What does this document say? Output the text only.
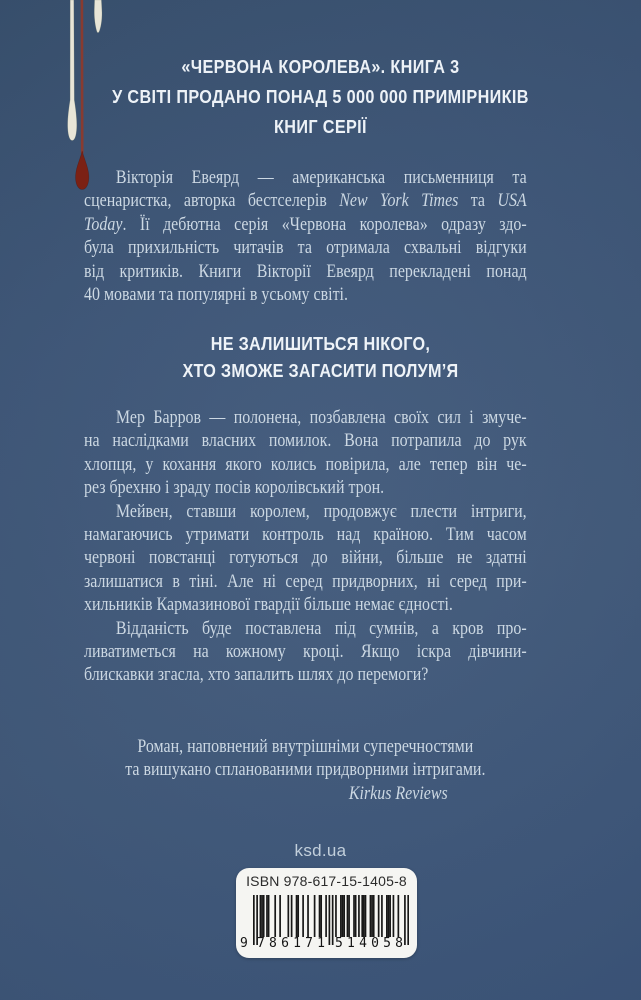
«ЧЕРВОНА КОРОЛЕВА». КНИГА 3
У СВІТІ ПРОДАНО ПОНАД 5 000 000 ПРИМІРНИКІВ
КНИГ СЕРІЇ
Вікторія Евеярд — американська письменниця та
сценаристка, авторка бестселерів New York Times та USA
Today. Її дебютна серія «Червона королева» одразу здо-
була прихильність читачів та отримала схвальні відгуки
від критиків. Книги Вікторії Евеярд перекладені понад
40 мовами та популярні в усьому світі.
Мер Барров — полонена, позбавлена своїх сил і змуче-
на наслідками власних помилок. Вона потрапила до рук
хлопця, у кохання якого колись повірила, але тепер він че-
рез брехню і зраду посів королівський трон.
Мейвен, ставши королем, продовжує плести інтриги,
намагаючись утримати контроль над країною. Тим часом
червоні повстанці готуються до війни, більше не здатні
залишатися в тіні. Але ні серед придворних, ні серед при-
хильників Кармазинової гвардії більше немає єдності.
Відданість буде поставлена під сумнів, а кров про-
ливатиметься на кожному кроці. Якщо іскра дівчини-
блискавки згасла, хто запалить шлях до перемоги?
Роман, наповнений внутрішніми суперечностями
та вишукано спланованими придворними інтригами.
Kirkus Reviews
НЕ ЗАЛИШИТЬСЯ НІКОГО,
ХТО ЗМОЖЕ ЗАГАСИТИ ПОЛУМ’Я
ksd.ua
ISBN 978-617-15-1405-8
9 7 8 6 1 7 1 5 1 4 0 5 8
